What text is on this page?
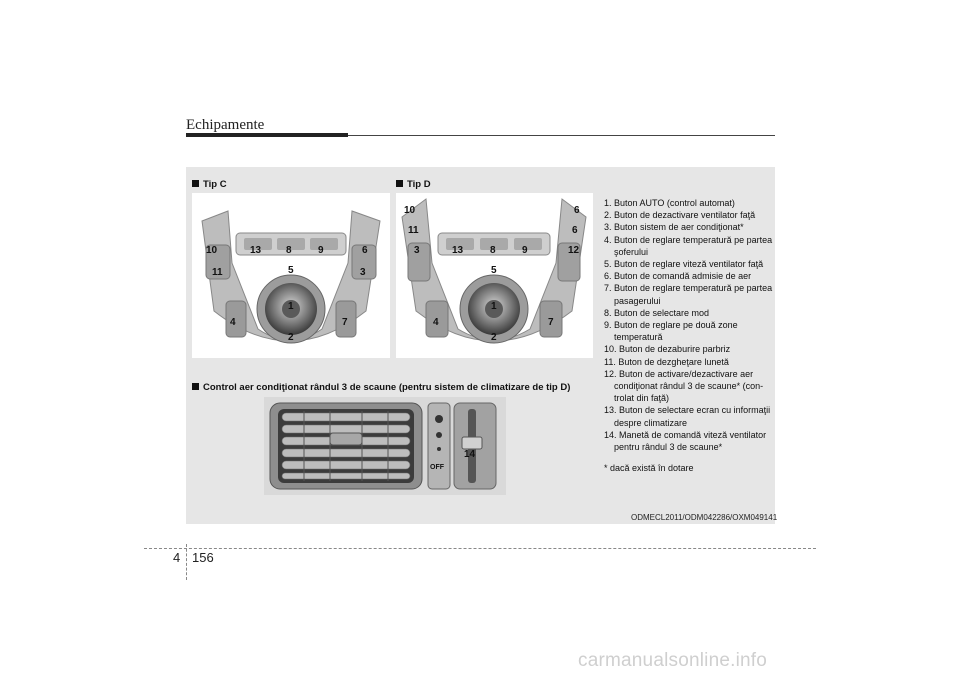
Echipamente
Tip C	Tip D
10
11
13 8	9	6
3
5
1
4	7
2
10
11
3	13	8	9
6
6
12
5
1
4	7
2
Control aer condiţionat rândul 3 de scaune (pentru sistem de climatizare de tip D)
OFF
14
ODMECL2011/ODM042286/OXM049141
1. Buton AUTO (control automat)
2. Buton de dezactivare ventilator faţă
3. Buton sistem de aer condiţionat*
4. Buton de reglare temperatură pe partea şoferului
5. Buton de reglare viteză ventilator faţă
6. Buton de comandă admisie de aer
7. Buton de reglare temperatură pe partea pasagerului
8. Buton de selectare mod
9. Buton de reglare pe două zone temperatură
10. Buton de dezaburire parbriz
11. Buton de dezgheţare lunetă
12. Buton de activare/dezactivare aer condiţionat rândul 3 de scaune* (con-trolat din faţă)
13. Buton de selectare ecran cu informaţii despre climatizare
14. Manetă de comandă viteză ventilator pentru rândul 3 de scaune*
* dacă există în dotare
4 156
carmanualsonline.info
